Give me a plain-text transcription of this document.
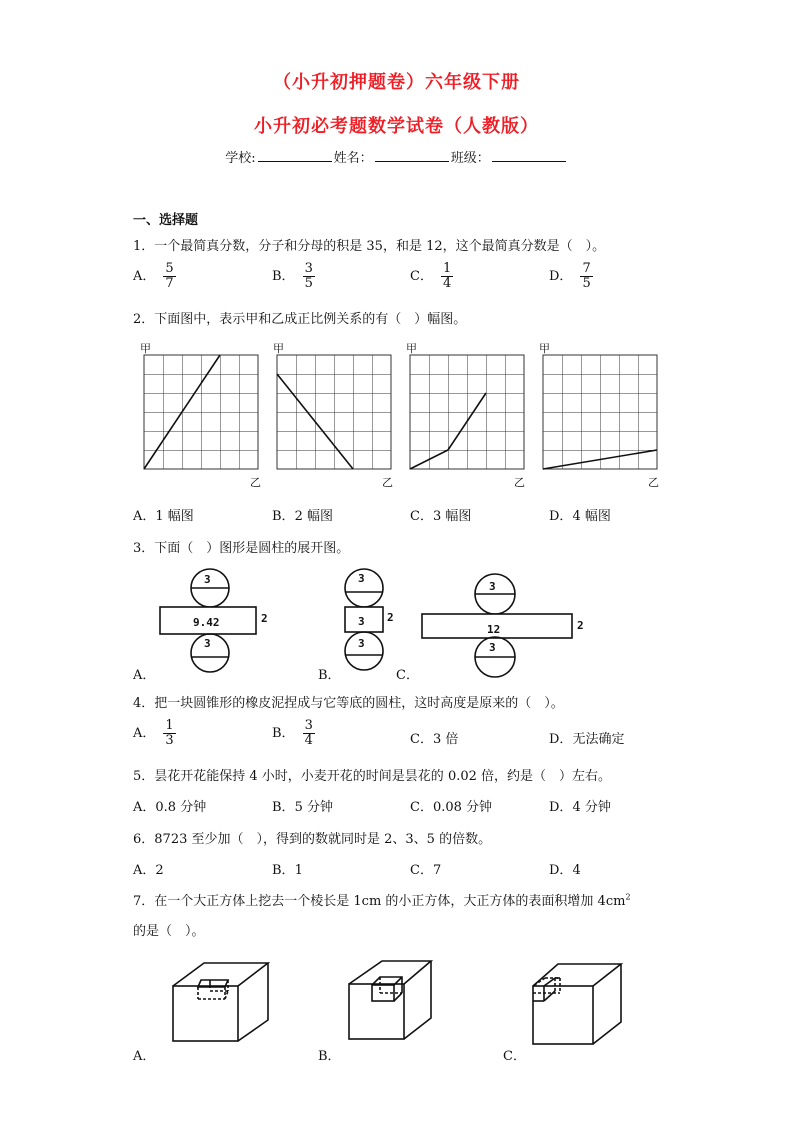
（小升初押题卷）六年级下册
小升初必考题数学试卷（人教版）
学校:	姓名：	班级：
一、选择题
1．一个最简真分数，分子和分母的积是 35，和是 12，这个最简真分数是（　）。
A． $\frac{5}{7}$	B． $\frac{3}{5}$	C． $\frac{1}{4}$	D． $\frac{7}{5}$
2．下面图中，表示甲和乙成正比例关系的有（　）幅图。
甲	甲	甲	甲
乙	乙	乙	乙
A．1 幅图	B．2 幅图	C．3 幅图	D．4 幅图
3．下面（　）图形是圆柱的展开图。
3
9.42	2
3
3
3 2
3
3
12	2
3
A．	B．	C．
4．把一块圆锥形的橡皮泥捏成与它等底的圆柱，这时高度是原来的（　）。
A． $\frac{1}{3}$	B． $\frac{3}{4}$	C．3 倍	D．无法确定
5．昙花开花能保持 4 小时，小麦开花的时间是昙花的 0.02 倍，约是（　）左右。
A．0.8 分钟	B．5 分钟	C．0.08 分钟	D．4 分钟
6．8723 至少加（　），得到的数就同时是 2、3、5 的倍数。
A．2	B．1	C．7	D．4
7．在一个大正方体上挖去一个棱长是 1cm 的小正方体，大正方体的表面积增加 $4cm^2$
的是（　）。
A．	B．	C．
